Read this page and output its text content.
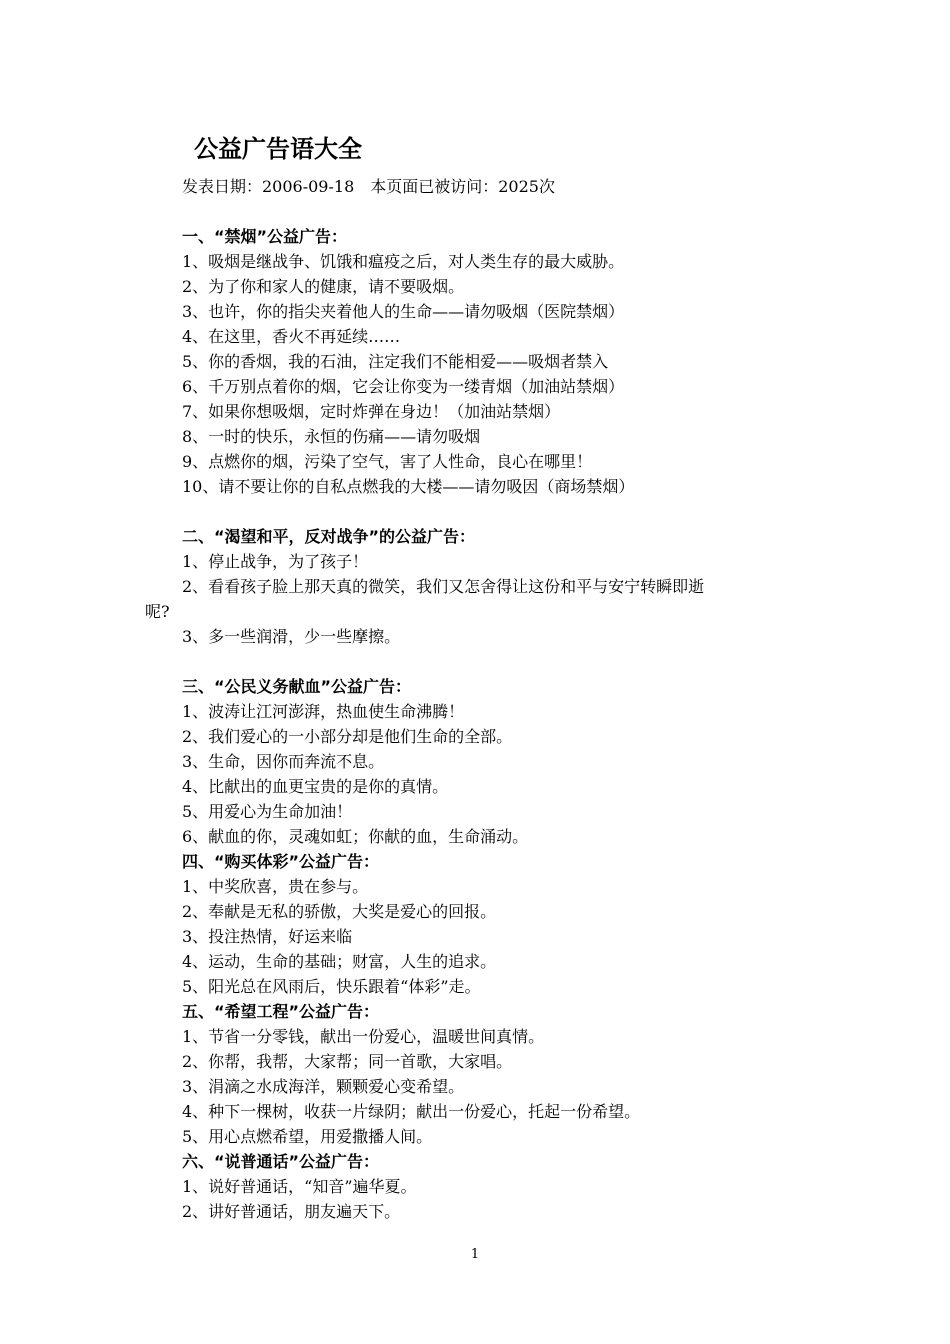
公益广告语大全
发表日期：2006-09-18　本页面已被访问：2025次
一、“禁烟”公益广告：
1、吸烟是继战争、饥饿和瘟疫之后，对人类生存的最大威胁。
2、为了你和家人的健康，请不要吸烟。
3、也许，你的指尖夹着他人的生命——请勿吸烟（医院禁烟）
4、在这里，香火不再延续……
5、你的香烟，我的石油，注定我们不能相爱——吸烟者禁入
6、千万别点着你的烟，它会让你变为一缕青烟（加油站禁烟）
7、如果你想吸烟，定时炸弹在身边！（加油站禁烟）
8、一时的快乐，永恒的伤痛——请勿吸烟
9、点燃你的烟，污染了空气，害了人性命，良心在哪里！
10、请不要让你的自私点燃我的大楼——请勿吸因（商场禁烟）
二、“渴望和平，反对战争”的公益广告：
1、停止战争，为了孩子！
2、看看孩子脸上那天真的微笑，我们又怎舍得让这份和平与安宁转瞬即逝
呢?
3、多一些润滑，少一些摩擦。
三、“公民义务献血”公益广告：
1、波涛让江河澎湃，热血使生命沸腾！
2、我们爱心的一小部分却是他们生命的全部。
3、生命，因你而奔流不息。
4、比献出的血更宝贵的是你的真情。
5、用爱心为生命加油！
6、献血的你，灵魂如虹；你献的血，生命涌动。
四、“购买体彩”公益广告：
1、中奖欣喜，贵在参与。
2、奉献是无私的骄傲，大奖是爱心的回报。
3、投注热情，好运来临
4、运动，生命的基础；财富，人生的追求。
5、阳光总在风雨后，快乐跟着“体彩”走。
五、“希望工程”公益广告：
1、节省一分零钱，献出一份爱心，温暖世间真情。
2、你帮，我帮，大家帮；同一首歌，大家唱。
3、涓滴之水成海洋，颗颗爱心变希望。
4、种下一棵树，收获一片绿阴；献出一份爱心，托起一份希望。
5、用心点燃希望，用爱撒播人间。
六、“说普通话”公益广告：
1、说好普通话，“知音”遍华夏。
2、讲好普通话，朋友遍天下。
1
